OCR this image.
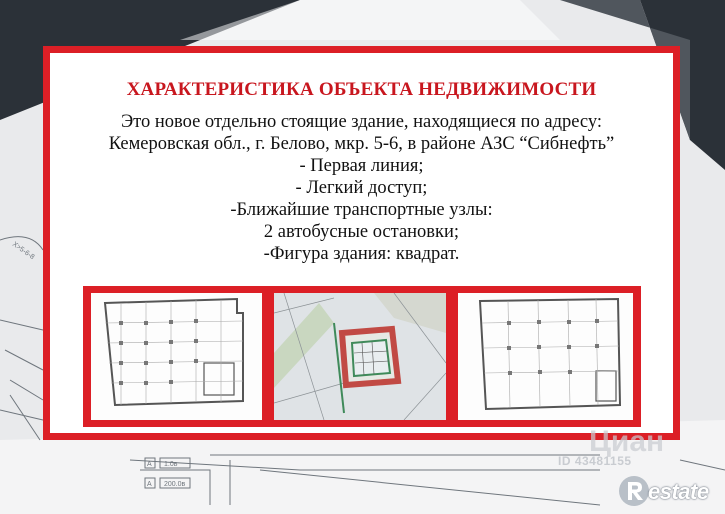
A
A
1.0в
200.0в
X>5-6-8
ХАРАКТЕРИСТИКА ОБЪЕКТА НЕДВИЖИМОСТИ
Это новое отдельно стоящие здание, находящиеся по адресу:
Кемеровская обл., г. Белово, мкр. 5-6, в районе АЗС “Сибнефть”
- Первая линия;
- Легкий доступ;
-Ближайшие транспортные узлы:
2 автобусные остановки;
-Фигура здания: квадрат.
Циан
ID 43481155
estate
